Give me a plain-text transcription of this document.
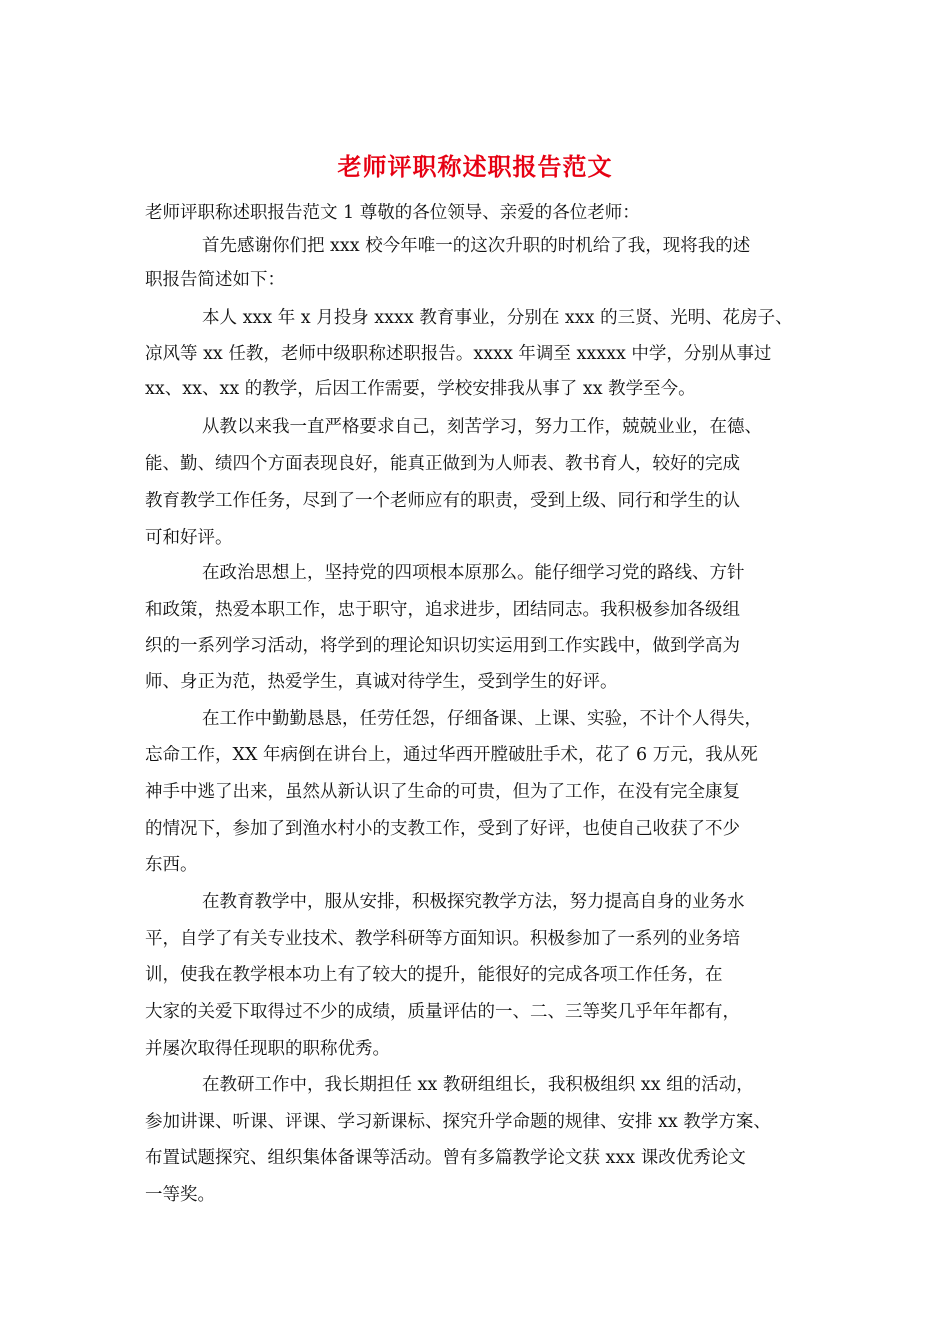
老师评职称述职报告范文
老师评职称述职报告范文 1 尊敬的各位领导、亲爱的各位老师：
首先感谢你们把 xxx 校今年唯一的这次升职的时机给了我，现将我的述
职报告简述如下：
本人 xxx 年 x 月投身 xxxx 教育事业，分别在 xxx 的三贤、光明、花房子、
凉风等 xx 任教，老师中级职称述职报告。xxxx 年调至 xxxxx 中学，分别从事过
xx、xx、xx 的教学，后因工作需要，学校安排我从事了 xx 教学至今。
从教以来我一直严格要求自己，刻苦学习，努力工作，兢兢业业，在德、
能、勤、绩四个方面表现良好，能真正做到为人师表、教书育人，较好的完成
教育教学工作任务，尽到了一个老师应有的职责，受到上级、同行和学生的认
可和好评。
在政治思想上，坚持党的四项根本原那么。能仔细学习党的路线、方针
和政策，热爱本职工作，忠于职守，追求进步，团结同志。我积极参加各级组
织的一系列学习活动，将学到的理论知识切实运用到工作实践中，做到学高为
师、身正为范，热爱学生，真诚对待学生，受到学生的好评。
在工作中勤勤恳恳，任劳任怨，仔细备课、上课、实验，不计个人得失，
忘命工作，XX 年病倒在讲台上，通过华西开膛破肚手术，花了 6 万元，我从死
神手中逃了出来，虽然从新认识了生命的可贵，但为了工作，在没有完全康复
的情况下，参加了到渔水村小的支教工作，受到了好评，也使自己收获了不少
东西。
在教育教学中，服从安排，积极探究教学方法，努力提高自身的业务水
平，自学了有关专业技术、教学科研等方面知识。积极参加了一系列的业务培
训，使我在教学根本功上有了较大的提升，能很好的完成各项工作任务，在
大家的关爱下取得过不少的成绩，质量评估的一、二、三等奖几乎年年都有，
并屡次取得任现职的职称优秀。
在教研工作中，我长期担任 xx 教研组组长，我积极组织 xx 组的活动，
参加讲课、听课、评课、学习新课标、探究升学命题的规律、安排 xx 教学方案、
布置试题探究、组织集体备课等活动。曾有多篇教学论文获 xxx 课改优秀论文
一等奖。
